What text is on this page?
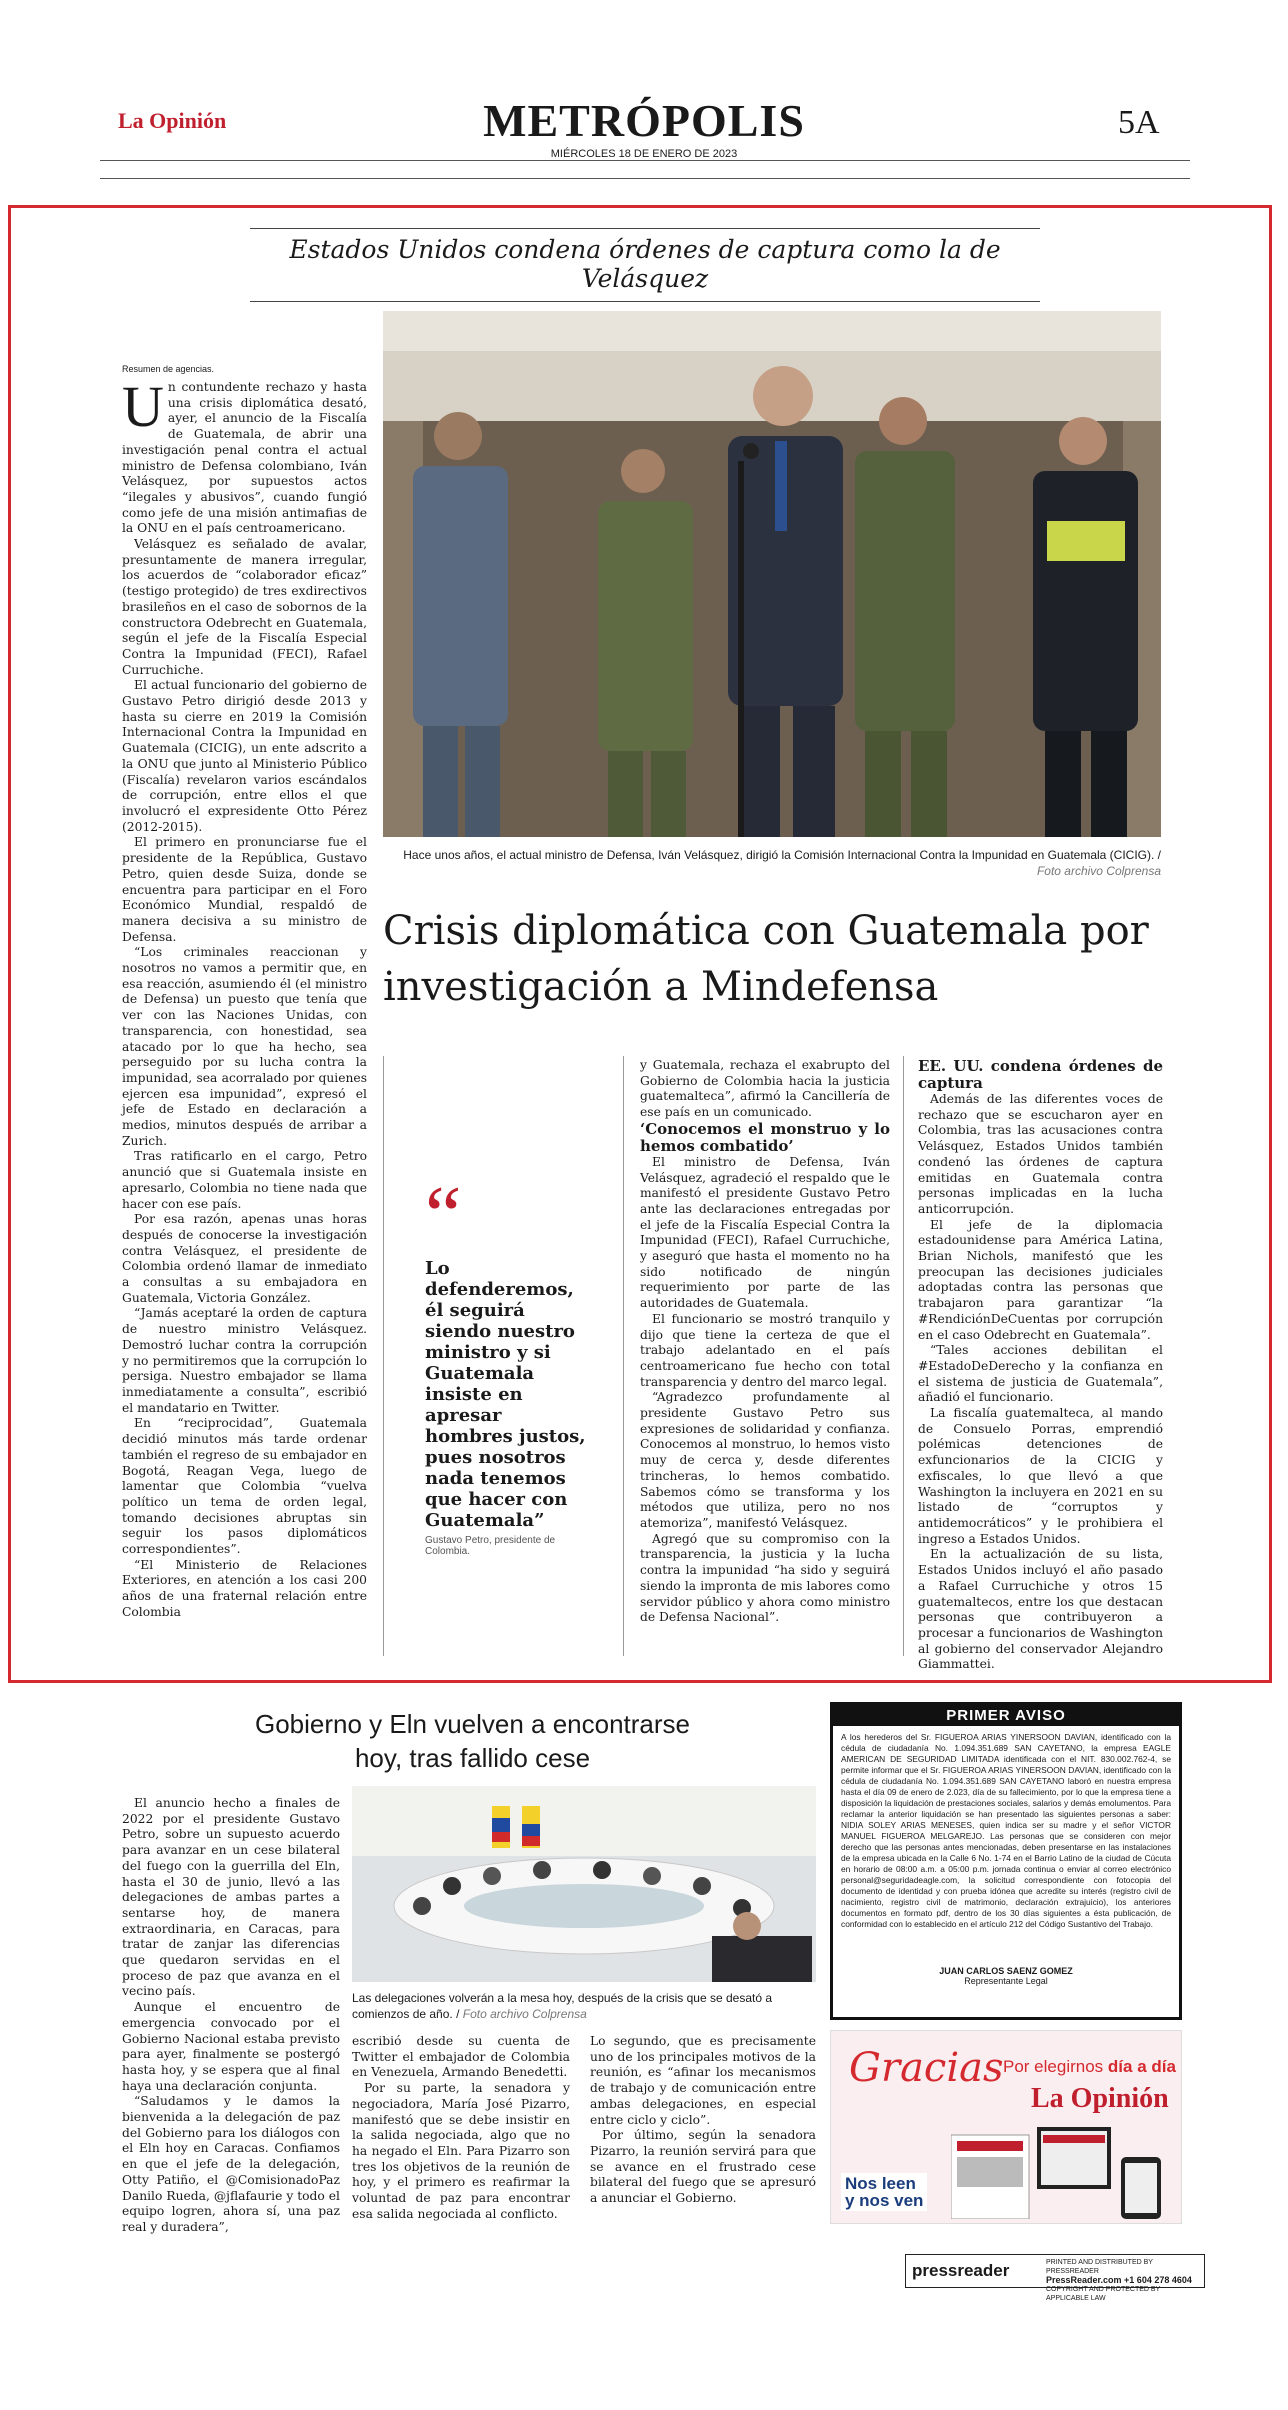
La Opinión	METRÓPOLIS
MIÉRCOLES 18 DE ENERO DE 2023
5A
Estados Unidos condena órdenes de captura como la de Velásquez
Hace unos años, el actual ministro de Defensa, Iván Velásquez, dirigió la Comisión Internacional Contra la Impunidad en Guatemala (CICIG). / Foto archivo Colprensa
Crisis diplomática con Guatemala por investigación a Mindefensa
Resumen de agencias.

Un contundente rechazo y hasta una crisis diplomática desató, ayer, el anuncio de la Fiscalía de Guatemala, de abrir una investigación penal contra el actual ministro de Defensa colombiano, Iván Velásquez, por supuestos actos “ilegales y abusivos”, cuando fungió como jefe de una misión antimafias de la ONU en el país centroamericano.

Velásquez es señalado de avalar, presuntamente de manera irregular, los acuerdos de “colaborador eficaz” (testigo protegido) de tres exdirectivos brasileños en el caso de sobornos de la constructora Odebrecht en Guatemala, según el jefe de la Fiscalía Especial Contra la Impunidad (FECI), Rafael Curruchiche.

El actual funcionario del gobierno de Gustavo Petro dirigió desde 2013 y hasta su cierre en 2019 la Comisión Internacional Contra la Impunidad en Guatemala (CICIG), un ente adscrito a la ONU que junto al Ministerio Público (Fiscalía) revelaron varios escándalos de corrupción, entre ellos el que involucró el expresidente Otto Pérez (2012-2015).

El primero en pronunciarse fue el presidente de la República, Gustavo Petro, quien desde Suiza, donde se encuentra para participar en el Foro Económico Mundial, respaldó de manera decisiva a su ministro de Defensa.

“Los criminales reaccionan y nosotros no vamos a permitir que, en esa reacción, asumiendo él (el ministro de Defensa) un puesto que tenía que ver con las Naciones Unidas, con transparencia, con honestidad, sea atacado por lo que ha hecho, sea perseguido por su lucha contra la impunidad, sea acorralado por quienes ejercen esa impunidad”, expresó el jefe de Estado en declaración a medios, minutos después de arribar a Zurich.

Tras ratificarlo en el cargo, Petro anunció que si Guatemala insiste en apresarlo, Colombia no tiene nada que hacer con ese país.

Por esa razón, apenas unas horas después de conocerse la investigación contra Velásquez, el presidente de Colombia ordenó llamar de inmediato a consultas a su embajadora en Guatemala, Victoria González.

“Jamás aceptaré la orden de captura de nuestro ministro Velásquez. Demostró luchar contra la corrupción y no permitiremos que la corrupción lo persiga. Nuestro embajador se llama inmediatamente a consulta”, escribió el mandatario en Twitter.

En “reciprocidad”, Guatemala decidió minutos más tarde ordenar también el regreso de su embajador en Bogotá, Reagan Vega, luego de lamentar que Colombia “vuelva político un tema de orden legal, tomando decisiones abruptas sin seguir los pasos diplomáticos correspondientes”.

“El Ministerio de Relaciones Exteriores, en atención a los casi 200 años de una fraternal relación entre Colombia

“
Lo defenderemos, él seguirá siendo nuestro ministro y si Guatemala insiste en apresar hombres justos, pues nosotros nada tenemos que hacer con Guatemala”
Gustavo Petro, presidente de Colombia.

y Guatemala, rechaza el exabrupto del Gobierno de Colombia hacia la justicia guatemalteca”, afirmó la Cancillería de ese país en un comunicado.

‘Conocemos el monstruo y lo hemos combatido’

El ministro de Defensa, Iván Velásquez, agradeció el respaldo que le manifestó el presidente Gustavo Petro ante las declaraciones entregadas por el jefe de la Fiscalía Especial Contra la Impunidad (FECI), Rafael Curruchiche, y aseguró que hasta el momento no ha sido notificado de ningún requerimiento por parte de las autoridades de Guatemala.

El funcionario se mostró tranquilo y dijo que tiene la certeza de que el trabajo adelantado en el país centroamericano fue hecho con total transparencia y dentro del marco legal.

“Agradezco profundamente al presidente Gustavo Petro sus expresiones de solidaridad y confianza. Conocemos al monstruo, lo hemos visto muy de cerca y, desde diferentes trincheras, lo hemos combatido. Sabemos cómo se transforma y los métodos que utiliza, pero no nos atemoriza”, manifestó Velásquez.

Agregó que su compromiso con la transparencia, la justicia y la lucha contra la impunidad “ha sido y seguirá siendo la impronta de mis labores como servidor público y ahora como ministro de Defensa Nacional”.

EE. UU. condena órdenes de captura

Además de las diferentes voces de rechazo que se escucharon ayer en Colombia, tras las acusaciones contra Velásquez, Estados Unidos también condenó las órdenes de captura emitidas en Guatemala contra personas implicadas en la lucha anticorrupción.

El jefe de la diplomacia estadounidense para América Latina, Brian Nichols, manifestó que les preocupan las decisiones judiciales adoptadas contra las personas que trabajaron para garantizar “la #RendiciónDeCuentas por corrupción en el caso Odebrecht en Guatemala”.

“Tales acciones debilitan el #EstadoDeDerecho y la confianza en el sistema de justicia de Guatemala”, añadió el funcionario.

La fiscalía guatemalteca, al mando de Consuelo Porras, emprendió polémicas detenciones de exfuncionarios de la CICIG y exfiscales, lo que llevó a que Washington la incluyera en 2021 en su listado de “corruptos y antidemocráticos” y le prohibiera el ingreso a Estados Unidos.

En la actualización de su lista, Estados Unidos incluyó el año pasado a Rafael Curruchiche y otros 15 guatemaltecos, entre los que destacan personas que contribuyeron a procesar a funcionarios de Washington al gobierno del conservador Alejandro Giammattei.

Gobierno y Eln vuelven a encontrarse hoy, tras fallido cese
Las delegaciones volverán a la mesa hoy, después de la crisis que se desató a comienzos de año. / Foto archivo Colprensa

El anuncio hecho a finales de 2022 por el presidente Gustavo Petro, sobre un supuesto acuerdo para avanzar en un cese bilateral del fuego con la guerrilla del Eln, hasta el 30 de junio, llevó a las delegaciones de ambas partes a sentarse hoy, de manera extraordinaria, en Caracas, para tratar de zanjar las diferencias que quedaron servidas en el proceso de paz que avanza en el vecino país.

Aunque el encuentro de emergencia convocado por el Gobierno Nacional estaba previsto para ayer, finalmente se postergó hasta hoy, y se espera que al final haya una declaración conjunta.

“Saludamos y le damos la bienvenida a la delegación de paz del Gobierno para los diálogos con el Eln hoy en Caracas. Confiamos en que el jefe de la delegación, Otty Patiño, el @ComisionadoPaz Danilo Rueda, @jflafaurie y todo el equipo logren, ahora sí, una paz real y duradera”,

escribió desde su cuenta de Twitter el embajador de Colombia en Venezuela, Armando Benedetti.

Por su parte, la senadora y negociadora, María José Pizarro, manifestó que se debe insistir en la salida negociada, algo que no ha negado el Eln. Para Pizarro son tres los objetivos de la reunión de hoy, y el primero es reafirmar la voluntad de paz para encontrar esa salida negociada al conflicto.

Lo segundo, que es precisamente uno de los principales motivos de la reunión, es “afinar los mecanismos de trabajo y de comunicación entre ambas delegaciones, en especial entre ciclo y ciclo”.

Por último, según la senadora Pizarro, la reunión servirá para que se avance en el frustrado cese bilateral del fuego que se apresuró a anunciar el Gobierno.

PRIMER AVISO
A los herederos del Sr. FIGUEROA ARIAS YINERSOON DAVIAN, identificado con la cédula de ciudadanía No. 1.094.351.689 SAN CAYETANO, la empresa EAGLE AMERICAN DE SEGURIDAD LIMITADA identificada con el NIT. 830.002.762-4, se permite informar que el Sr. FIGUEROA ARIAS YINERSOON DAVIAN, identificado con la cédula de ciudadanía No. 1.094.351.689 SAN CAYETANO laboró en nuestra empresa hasta el día 09 de enero de 2.023, día de su fallecimiento, por lo que la empresa tiene a disposición la liquidación de prestaciones sociales, salarios y demás emolumentos. Para reclamar la anterior liquidación se han presentado las siguientes personas a saber: NIDIA SOLEY ARIAS MENESES, quien indica ser su madre y el señor VICTOR MANUEL FIGUEROA MELGAREJO. Las personas que se consideren con mejor derecho que las personas antes mencionadas, deben presentarse en las instalaciones de la empresa ubicada en la Calle 6 No. 1-74 en el Barrio Latino de la ciudad de Cúcuta en horario de 08:00 a.m. a 05:00 p.m. jornada continua o enviar al correo electrónico personal@seguridadeagle.com, la solicitud correspondiente con fotocopia del documento de identidad y con prueba idónea que acredite su interés (registro civil de nacimiento, registro civil de matrimonio, declaración extrajuicio), los anteriores documentos en formato pdf, dentro de los 30 días siguientes a ésta publicación, de conformidad con lo establecido en el artículo 212 del Código Sustantivo del Trabajo.
JUAN CARLOS SAENZ GOMEZ
Representante Legal
Gracias Por elegirnos día a día
La Opinión
Nos leen
y nos ven
pressreader	PRINTED AND DISTRIBUTED BY PRESSREADER
PressReader.com +1 604 278 4604
COPYRIGHT AND PROTECTED BY APPLICABLE LAW
